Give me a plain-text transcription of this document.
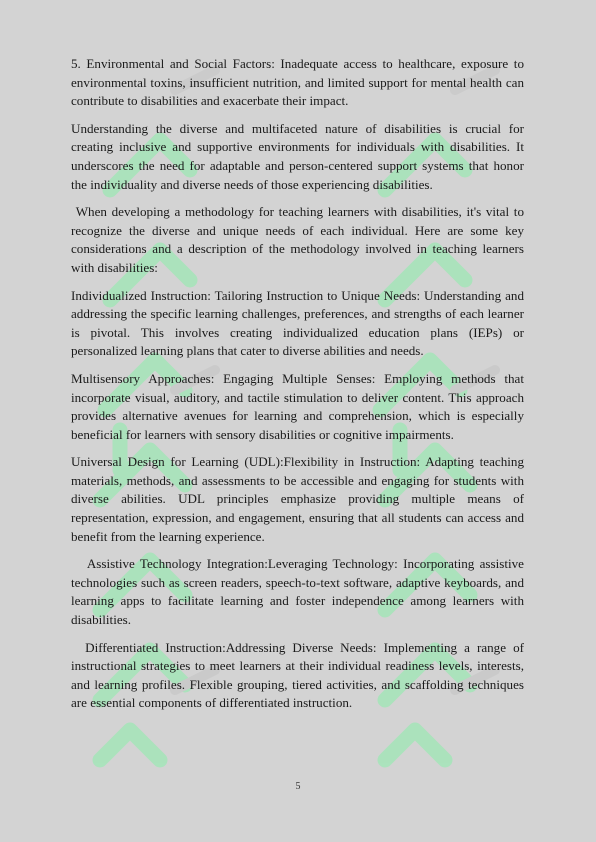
5. Environmental and Social Factors: Inadequate access to healthcare, exposure to environmental toxins, insufficient nutrition, and limited support for mental health can contribute to disabilities and exacerbate their impact.

Understanding the diverse and multifaceted nature of disabilities is crucial for creating inclusive and supportive environments for individuals with disabilities. It underscores the need for adaptable and person-centered support systems that honor the individuality and diverse needs of those experiencing disabilities.

When developing a methodology for teaching learners with disabilities, it's vital to recognize the diverse and unique needs of each individual. Here are some key considerations and a description of the methodology involved in teaching learners with disabilities:

Individualized Instruction: Tailoring Instruction to Unique Needs: Understanding and addressing the specific learning challenges, preferences, and strengths of each learner is pivotal. This involves creating individualized education plans (IEPs) or personalized learning plans that cater to diverse abilities and needs.

Multisensory Approaches: Engaging Multiple Senses: Employing methods that incorporate visual, auditory, and tactile stimulation to deliver content. This approach provides alternative avenues for learning and comprehension, which is especially beneficial for learners with sensory disabilities or cognitive impairments.

Universal Design for Learning (UDL):Flexibility in Instruction: Adapting teaching materials, methods, and assessments to be accessible and engaging for students with diverse abilities. UDL principles emphasize providing multiple means of representation, expression, and engagement, ensuring that all students can access and benefit from the learning experience.

Assistive Technology Integration:Leveraging Technology: Incorporating assistive technologies such as screen readers, speech-to-text software, adaptive keyboards, and learning apps to facilitate learning and foster independence among learners with disabilities.

Differentiated Instruction:Addressing Diverse Needs: Implementing a range of instructional strategies to meet learners at their individual readiness levels, interests, and learning profiles. Flexible grouping, tiered activities, and scaffolding techniques are essential components of differentiated instruction.

5
